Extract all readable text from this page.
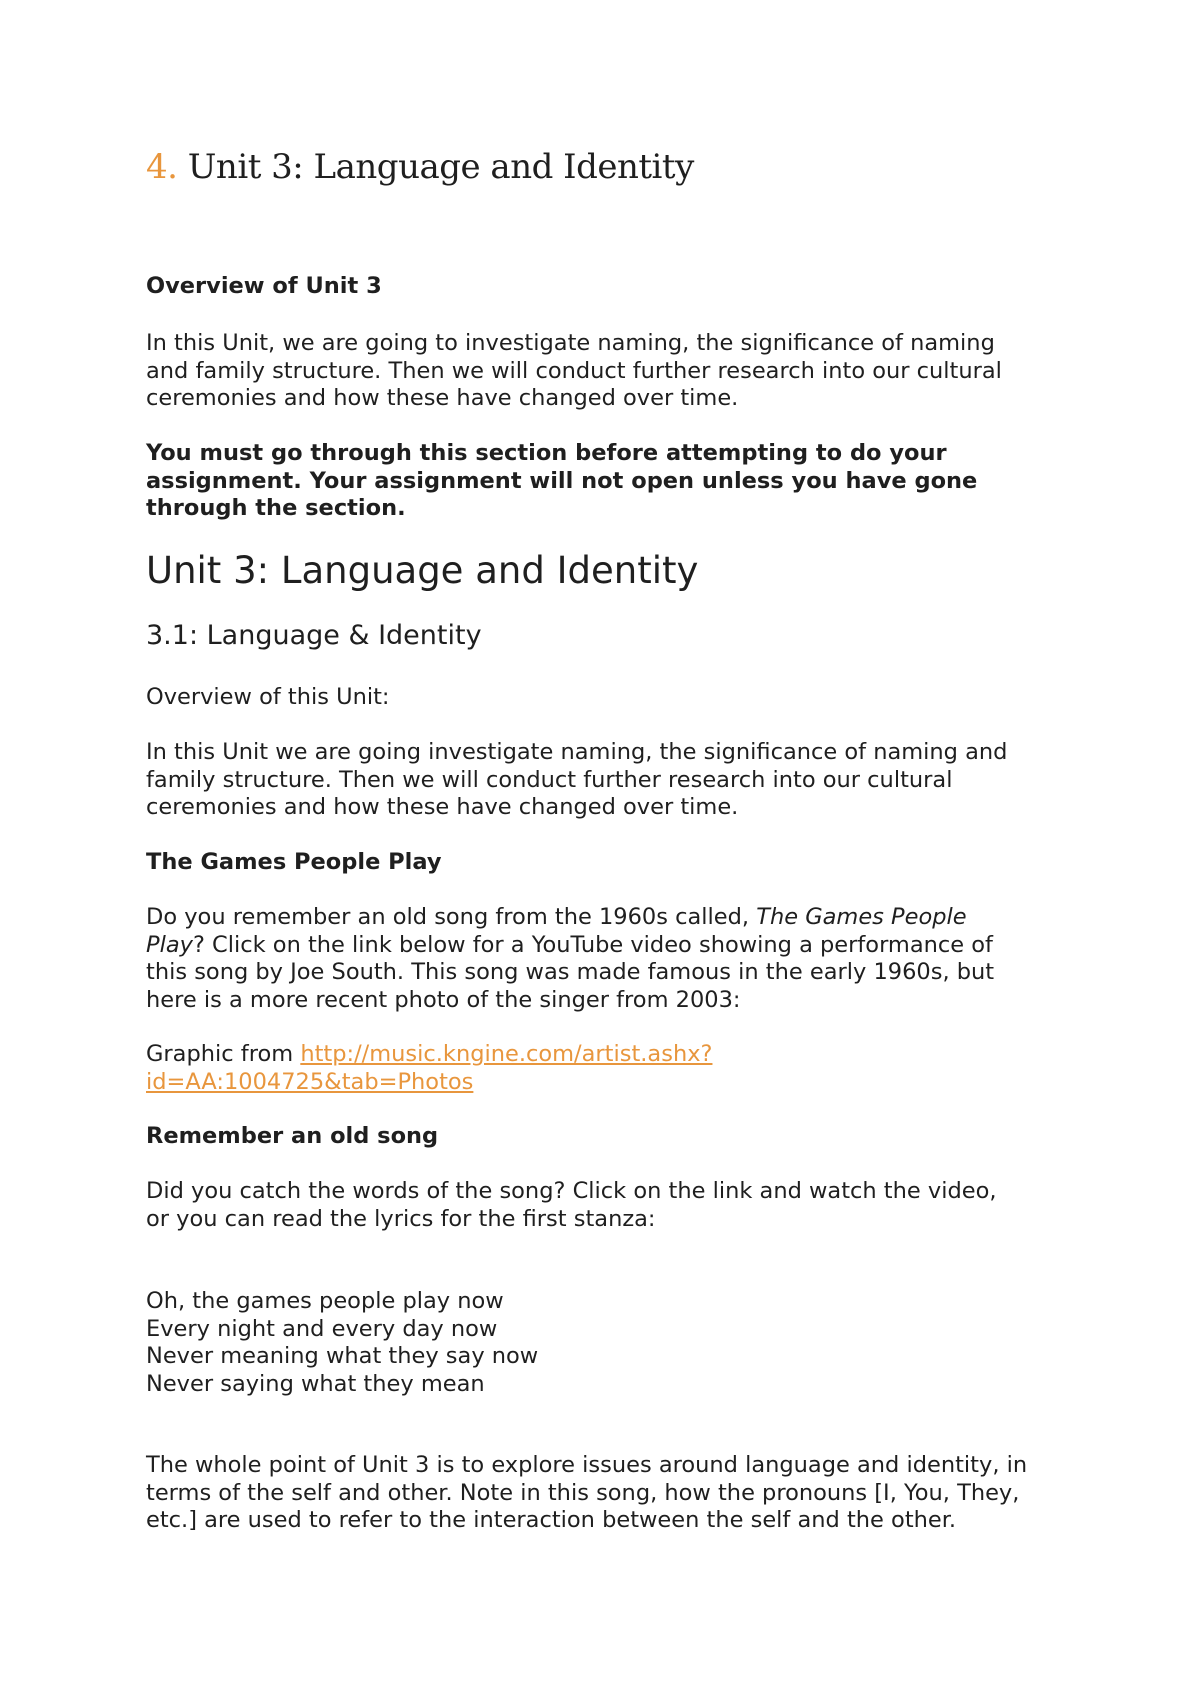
4. Unit 3: Language and Identity

Overview of Unit 3

In this Unit, we are going to investigate naming, the significance of naming

and family structure. Then we will conduct further research into our cultural

ceremonies and how these have changed over time.

You must go through this section before attempting to do your

assignment. Your assignment will not open unless you have gone

through the section.

Unit 3: Language and Identity
3.1: Language & Identity

Overview of this Unit:

In this Unit we are going investigate naming, the significance of naming and

family structure. Then we will conduct further research into our cultural

ceremonies and how these have changed over time.

The Games People Play

Do you remember an old song from the 1960s called, The Games People

Play? Click on the link below for a YouTube video showing a performance of

this song by Joe South. This song was made famous in the early 1960s, but

here is a more recent photo of the singer from 2003:

Graphic from http://music.kngine.com/artist.ashx?

id=AA:1004725&tab=Photos

Remember an old song

Did you catch the words of the song? Click on the link and watch the video,

or you can read the lyrics for the first stanza:

Oh, the games people play now

Every night and every day now

Never meaning what they say now

Never saying what they mean

The whole point of Unit 3 is to explore issues around language and identity, in

terms of the self and other. Note in this song, how the pronouns [I, You, They,

etc.] are used to refer to the interaction between the self and the other.
